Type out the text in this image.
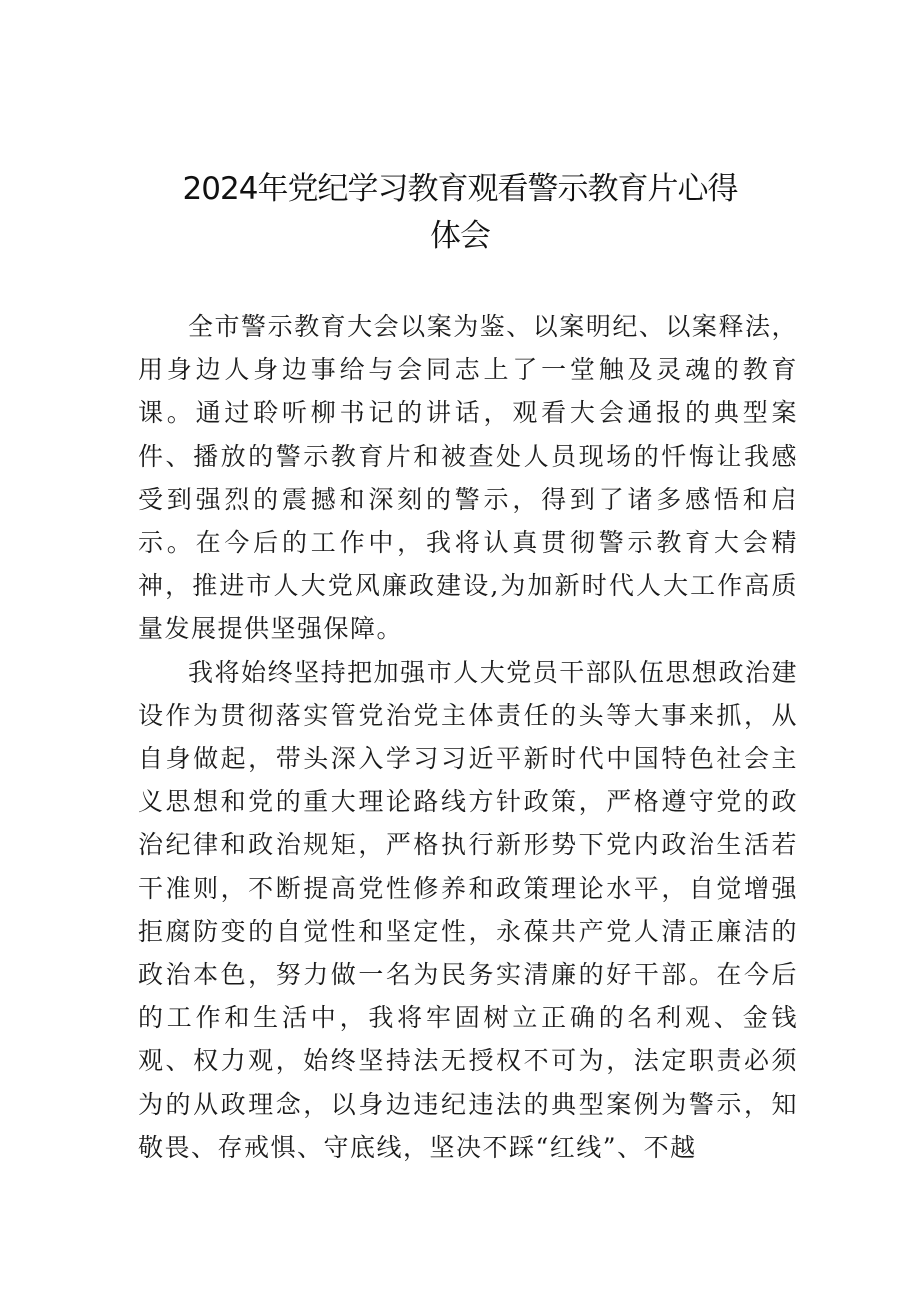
2024年党纪学习教育观看警示教育片心得
体会

全市警示教育大会以案为鉴、以案明纪、以案释法，用身边人身边事给与会同志上了一堂触及灵魂的教育课。通过聆听柳书记的讲话，观看大会通报的典型案件、播放的警示教育片和被查处人员现场的忏悔让我感受到强烈的震撼和深刻的警示，得到了诸多感悟和启示。在今后的工作中，我将认真贯彻警示教育大会精神，推进市人大党风廉政建设,为加新时代人大工作高质量发展提供坚强保障。

我将始终坚持把加强市人大党员干部队伍思想政治建设作为贯彻落实管党治党主体责任的头等大事来抓，从自身做起，带头深入学习习近平新时代中国特色社会主义思想和党的重大理论路线方针政策，严格遵守党的政治纪律和政治规矩，严格执行新形势下党内政治生活若干准则，不断提高党性修养和政策理论水平，自觉增强拒腐防变的自觉性和坚定性，永葆共产党人清正廉洁的政治本色，努力做一名为民务实清廉的好干部。在今后的工作和生活中，我将牢固树立正确的名利观、金钱观、权力观，始终坚持法无授权不可为，法定职责必须为的从政理念，以身边违纪违法的典型案例为警示，知敬畏、存戒惧、守底线，坚决不踩“红线”、不越
